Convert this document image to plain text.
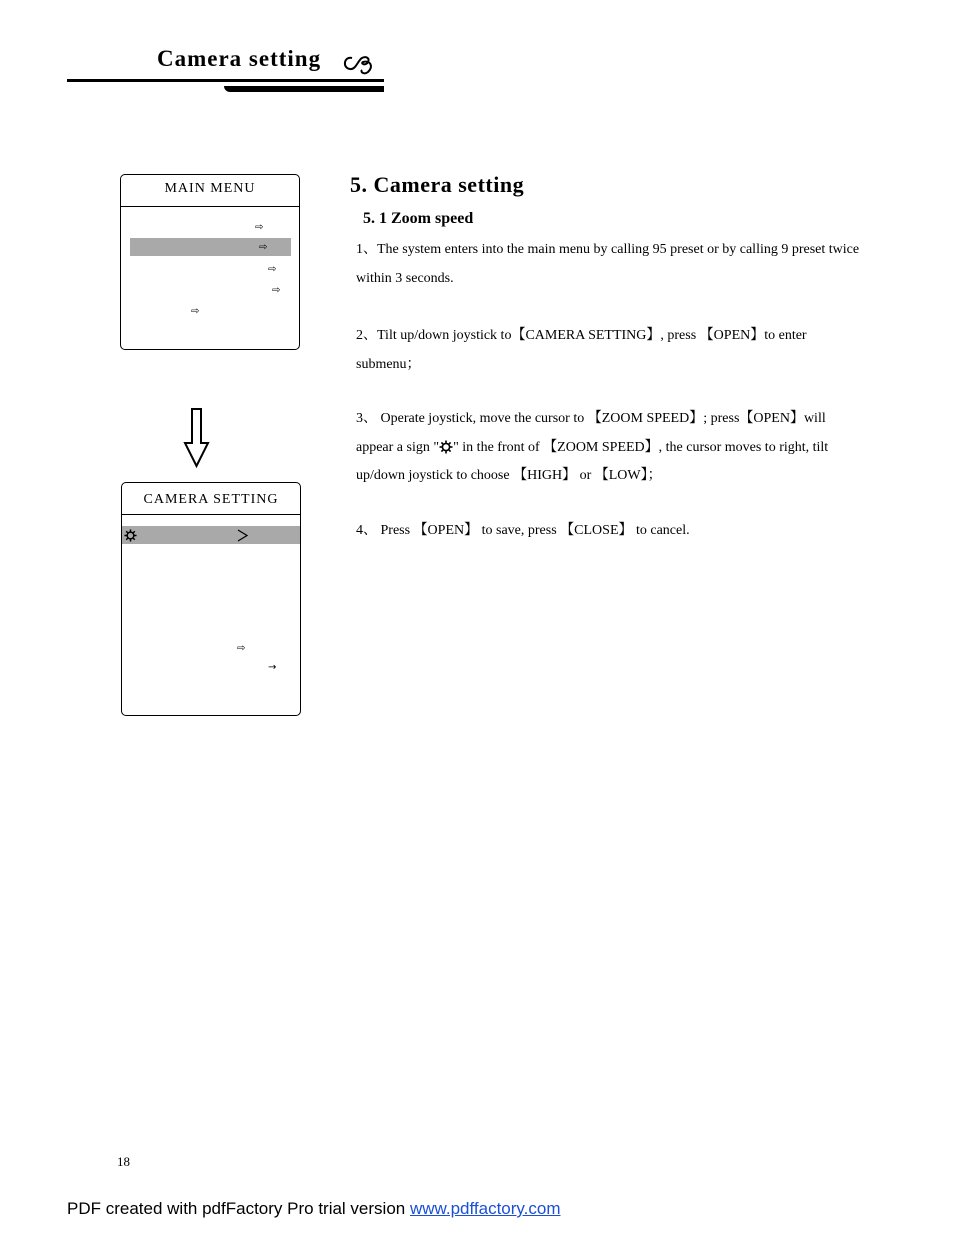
Camera setting
MAIN MENU
⇨
⇨
⇨
⇨
⇨
CAMERA SETTING
⇨
→
5. Camera setting
5. 1 Zoom speed
1、The system enters into the main menu by calling 95 preset or by calling 9 preset twice within 3 seconds.
2、Tilt up/down joystick to【CAMERA SETTING】, press 【OPEN】to enter submenu；
3、 Operate joystick, move the cursor to 【ZOOM SPEED】; press【OPEN】will appear a sign " " in the front of 【ZOOM SPEED】, the cursor moves to right, tilt up/down joystick to choose 【HIGH】 or 【LOW】；
4、 Press 【OPEN】 to save, press 【CLOSE】 to cancel.
18
PDF created with pdfFactory Pro trial version www.pdffactory.com
